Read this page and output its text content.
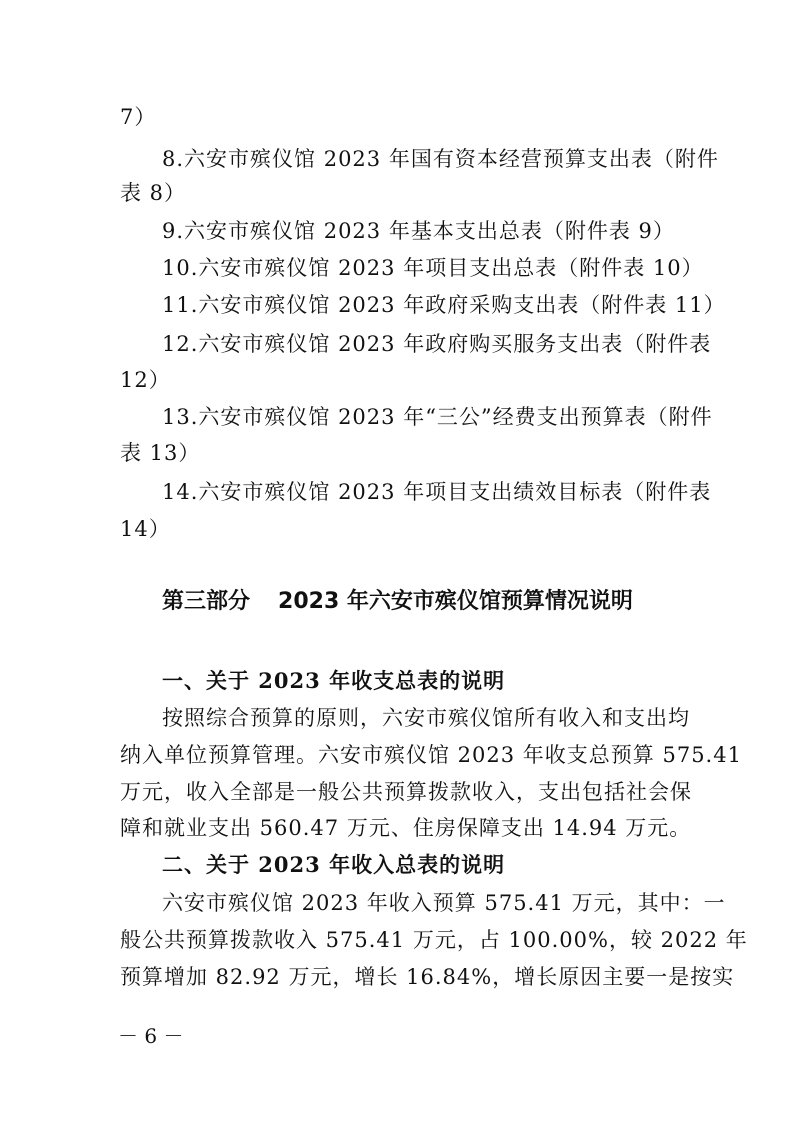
7）
8.六安市殡仪馆 2023 年国有资本经营预算支出表（附件
表 8）
9.六安市殡仪馆 2023 年基本支出总表（附件表 9）
10.六安市殡仪馆 2023 年项目支出总表（附件表 10）
11.六安市殡仪馆 2023 年政府采购支出表（附件表 11）
12.六安市殡仪馆 2023 年政府购买服务支出表（附件表
12）
13.六安市殡仪馆 2023 年“三公”经费支出预算表（附件
表 13）
14.六安市殡仪馆 2023 年项目支出绩效目标表（附件表
14）
第三部分 2023 年六安市殡仪馆预算情况说明
一、关于 2023 年收支总表的说明
按照综合预算的原则，六安市殡仪馆所有收入和支出均
纳入单位预算管理。六安市殡仪馆 2023 年收支总预算 575.41
万元，收入全部是一般公共预算拨款收入，支出包括社会保
障和就业支出 560.47 万元、住房保障支出 14.94 万元。
二、关于 2023 年收入总表的说明
六安市殡仪馆 2023 年收入预算 575.41 万元，其中：一
般公共预算拨款收入 575.41 万元，占 100.00%，较 2022 年
预算增加 82.92 万元，增长 16.84%，增长原因主要一是按实
－ 6 －
